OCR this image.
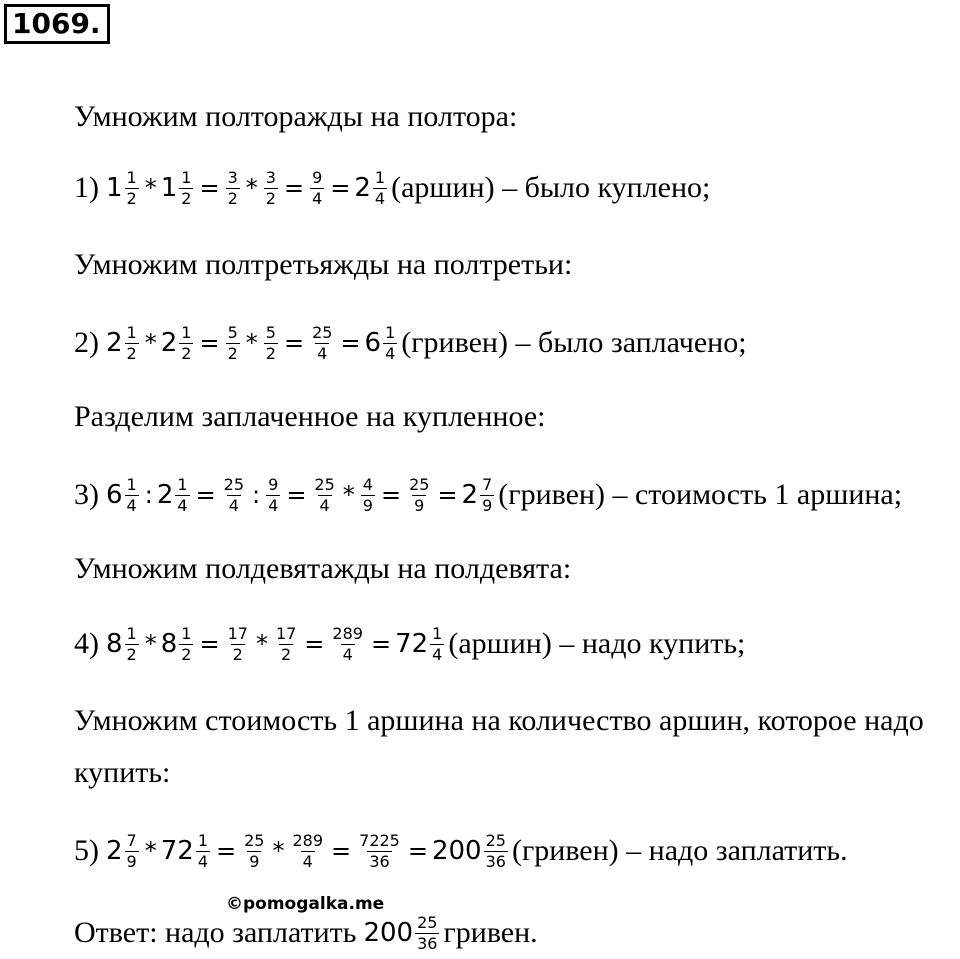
1069.
Умножим полторажды на полтора:
1) $1 \frac{1}{2} * 1 \frac{1}{2} = \frac{3}{2} * \frac{3}{2} = \frac{9}{4} = 2 \frac{1}{4}$ (аршин) – было куплено;
Умножим полтретьяжды на полтретьи:
2) $2 \frac{1}{2} * 2 \frac{1}{2} = \frac{5}{2} * \frac{5}{2} = \frac{25}{4} = 6 \frac{1}{4}$ (гривен) – было заплачено;
Разделим заплаченное на купленное:
3) $6 \frac{1}{4}$ : $2 \frac{1}{4} = \frac{25}{4}$ : $\frac{9}{4} = \frac{25}{4} * \frac{4}{9} = \frac{25}{9} = 2 \frac{7}{9}$ (гривен) – стоимость 1 аршина;
Умножим полдевятажды на полдевята:
4) $8 \frac{1}{2} * 8 \frac{1}{2} = \frac{17}{2} * \frac{17}{2} = \frac{289}{4} = 72 \frac{1}{4}$ (аршин) – надо купить;
Умножим стоимость 1 аршина на количество аршин, которое надо
купить:
5) $2 \frac{7}{9} * 72 \frac{1}{4} = \frac{25}{9} * \frac{289}{4} = \frac{7225}{36} = 200 \frac{25}{36}$ (гривен) – надо заплатить.
©pomogalka.me
Ответ: надо заплатить $200 \frac{25}{36}$ гривен.
